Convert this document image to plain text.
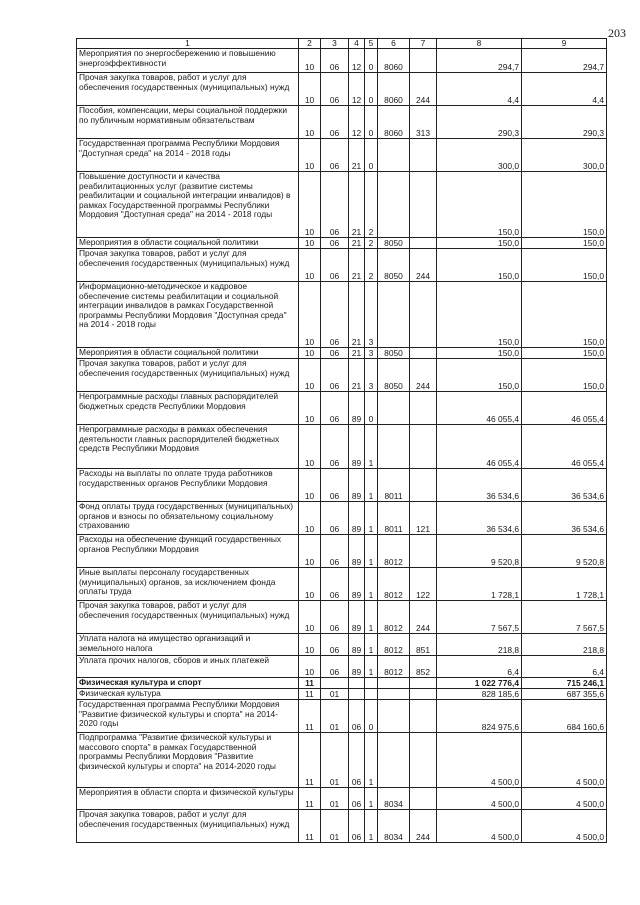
203
1	2	3	4	5	6	7	8	9
Мероприятия по энергосбережению и повышению энергоэффективности	10	06	12	0	8060		294,7	294,7
Прочая закупка товаров, работ и услуг для обеспечения государственных (муниципальных) нужд	10	06	12	0	8060	244	4,4	4,4
Пособия, компенсации, меры социальной поддержки по публичным нормативным обязательствам	10	06	12	0	8060	313	290,3	290,3
Государственная программа Республики Мордовия "Доступная среда" на 2014 - 2018 годы	10	06	21	0			300,0	300,0
Повышение доступности и качества реабилитационных услуг (развитие системы реабилитации и социальной интеграции инвалидов) в рамках Государственной программы Республики Мордовия "Доступная среда" на 2014 - 2018 годы	10	06	21	2			150,0	150,0
Мероприятия в области социальной политики	10	06	21	2	8050		150,0	150,0
Прочая закупка товаров, работ и услуг для обеспечения государственных (муниципальных) нужд	10	06	21	2	8050	244	150,0	150,0
Информационно-методическое и кадровое обеспечение системы реабилитации и социальной интеграции инвалидов в рамках Государственной программы Республики Мордовия "Доступная среда" на 2014 - 2018 годы	10	06	21	3			150,0	150,0
Мероприятия в области социальной политики	10	06	21	3	8050		150,0	150,0
Прочая закупка товаров, работ и услуг для обеспечения государственных (муниципальных) нужд	10	06	21	3	8050	244	150,0	150,0
Непрограммные расходы главных распорядителей бюджетных средств Республики Мордовия	10	06	89	0			46 055,4	46 055,4
Непрограммные расходы в рамках обеспечения деятельности главных распорядителей бюджетных средств Республики Мордовия	10	06	89	1			46 055,4	46 055,4
Расходы на выплаты по оплате труда работников государственных органов Республики Мордовия	10	06	89	1	8011		36 534,6	36 534,6
Фонд оплаты труда государственных (муниципальных) органов и взносы по обязательному социальному страхованию	10	06	89	1	8011	121	36 534,6	36 534,6
Расходы на обеспечение функций государственных органов Республики Мордовия	10	06	89	1	8012		9 520,8	9 520,8
Иные выплаты персоналу государственных (муниципальных) органов, за исключением фонда оплаты труда	10	06	89	1	8012	122	1 728,1	1 728,1
Прочая закупка товаров, работ и услуг для обеспечения государственных (муниципальных) нужд	10	06	89	1	8012	244	7 567,5	7 567,5
Уплата налога на имущество организаций и земельного налога	10	06	89	1	8012	851	218,8	218,8
Уплата прочих налогов, сборов и иных платежей	10	06	89	1	8012	852	6,4	6,4
Физическая культура и спорт	11						1 022 776,4	715 246,1
Физическая культура	11	01					828 185,6	687 355,6
Государственная программа Республики Мордовия "Развитие физической культуры и спорта" на 2014-2020 годы	11	01	06	0			824 975,6	684 160,6
Подпрограмма "Развитие физической культуры и массового спорта" в рамках Государственной программы Республики Мордовия "Развитие физической культуры и спорта" на 2014-2020 годы	11	01	06	1			4 500,0	4 500,0
Мероприятия в области спорта и физической культуры	11	01	06	1	8034		4 500,0	4 500,0
Прочая закупка товаров, работ и услуг для обеспечения государственных (муниципальных) нужд	11	01	06	1	8034	244	4 500,0	4 500,0
